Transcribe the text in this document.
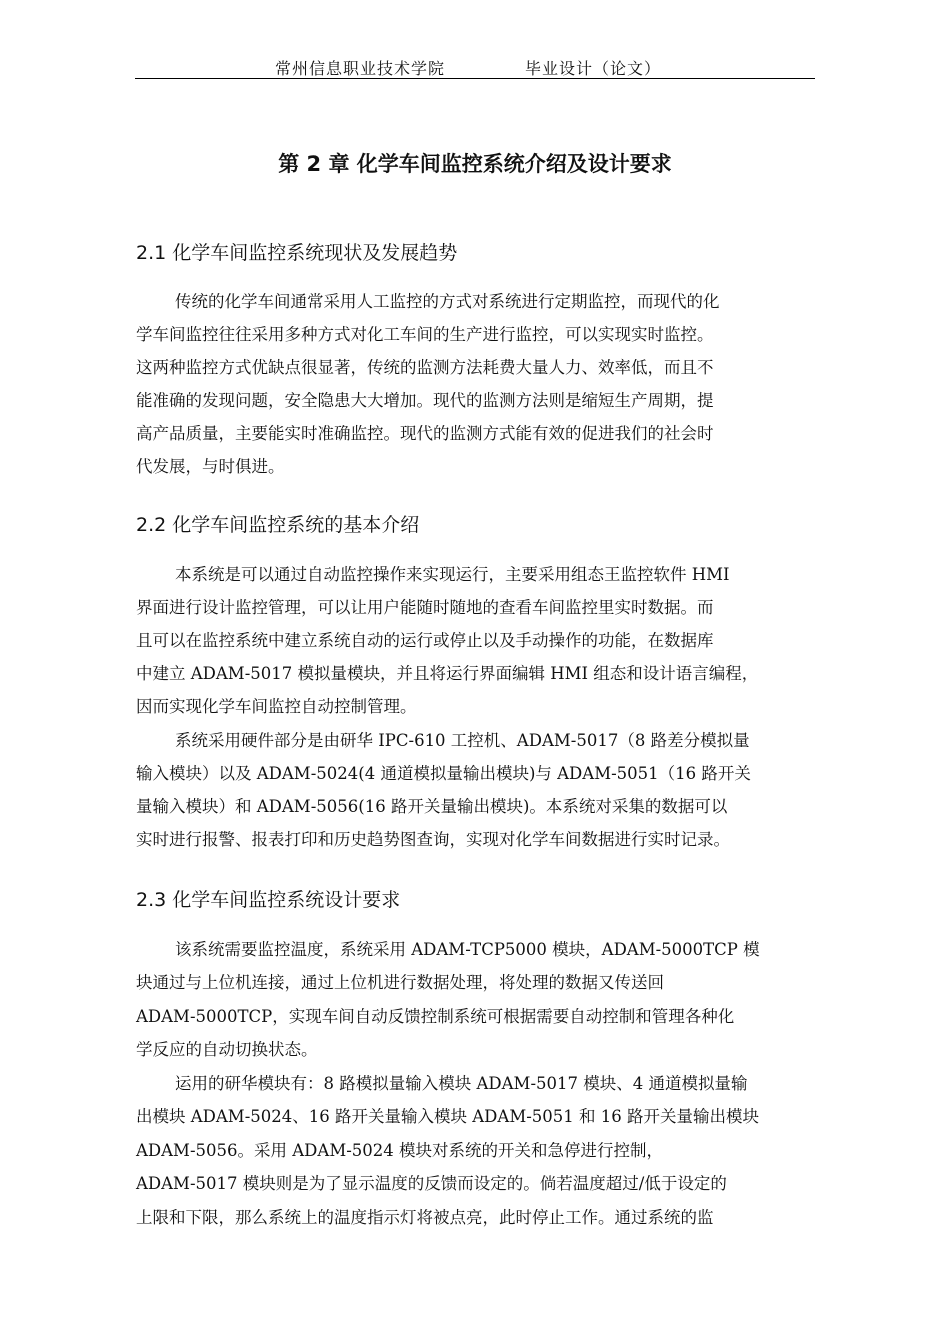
常州信息职业技术学院	毕业设计（论文）
第 2 章 化学车间监控系统介绍及设计要求
2.1 化学车间监控系统现状及发展趋势
传统的化学车间通常采用人工监控的方式对系统进行定期监控，而现代的化
学车间监控往往采用多种方式对化工车间的生产进行监控，可以实现实时监控。
这两种监控方式优缺点很显著，传统的监测方法耗费大量人力、效率低，而且不
能准确的发现问题，安全隐患大大增加。现代的监测方法则是缩短生产周期，提
高产品质量，主要能实时准确监控。现代的监测方式能有效的促进我们的社会时
代发展，与时俱进。
2.2 化学车间监控系统的基本介绍
本系统是可以通过自动监控操作来实现运行，主要采用组态王监控软件 HMI
界面进行设计监控管理，可以让用户能随时随地的查看车间监控里实时数据。而
且可以在监控系统中建立系统自动的运行或停止以及手动操作的功能，在数据库
中建立 ADAM-5017 模拟量模块，并且将运行界面编辑 HMI 组态和设计语言编程，
因而实现化学车间监控自动控制管理。
系统采用硬件部分是由研华 IPC-610 工控机、ADAM-5017（8 路差分模拟量
输入模块）以及 ADAM-5024(4 通道模拟量输出模块)与 ADAM-5051（16 路开关
量输入模块）和 ADAM-5056(16 路开关量输出模块)。本系统对采集的数据可以
实时进行报警、报表打印和历史趋势图查询，实现对化学车间数据进行实时记录。
2.3 化学车间监控系统设计要求
该系统需要监控温度，系统采用 ADAM-TCP5000 模块，ADAM-5000TCP 模
块通过与上位机连接，通过上位机进行数据处理，将处理的数据又传送回
ADAM-5000TCP，实现车间自动反馈控制系统可根据需要自动控制和管理各种化
学反应的自动切换状态。
运用的研华模块有：8 路模拟量输入模块 ADAM-5017 模块、4 通道模拟量输
出模块 ADAM-5024、16 路开关量输入模块 ADAM-5051 和 16 路开关量输出模块
ADAM-5056。采用 ADAM-5024 模块对系统的开关和急停进行控制，
ADAM-5017 模块则是为了显示温度的反馈而设定的。倘若温度超过/低于设定的
上限和下限，那么系统上的温度指示灯将被点亮，此时停止工作。通过系统的监
